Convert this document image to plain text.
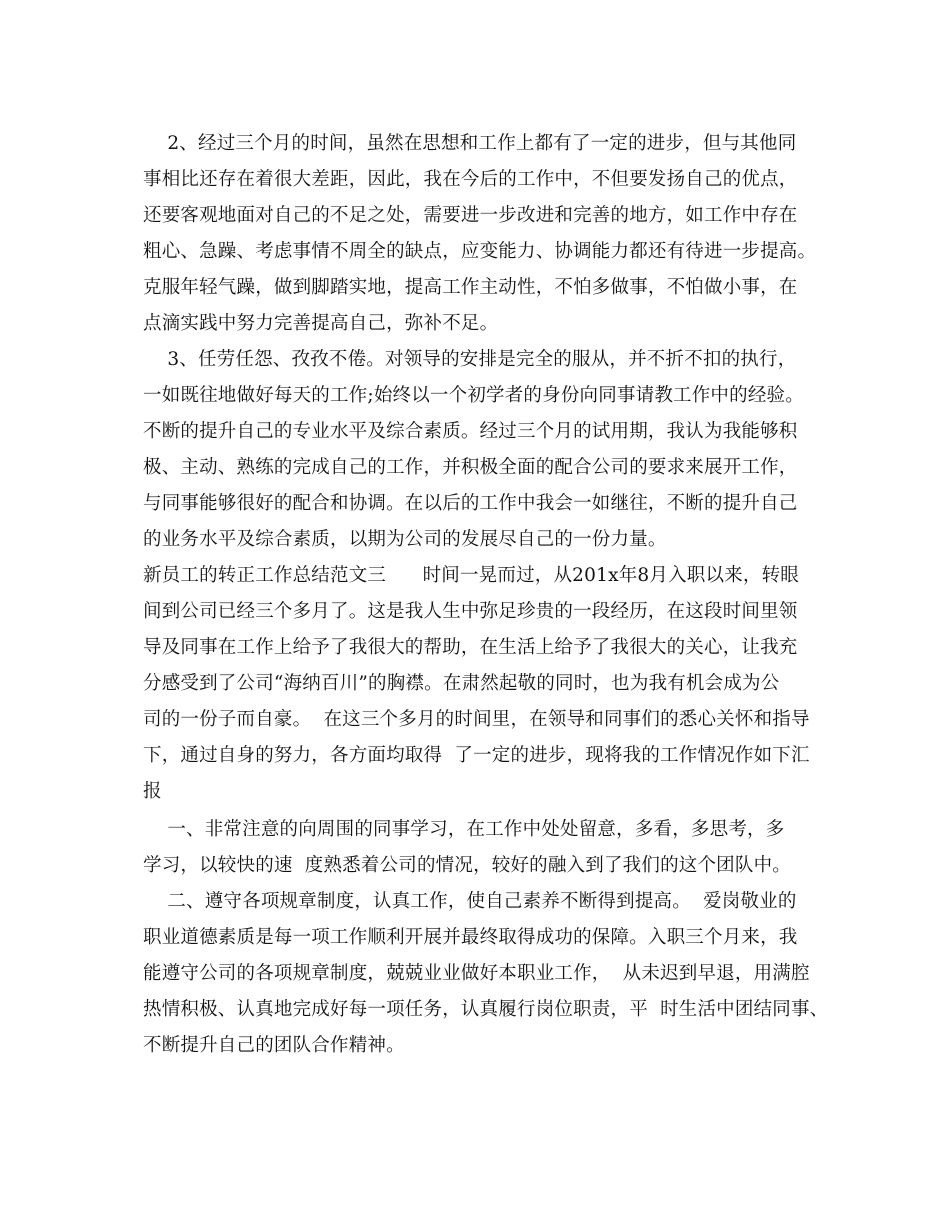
2、经过三个月的时间，虽然在思想和工作上都有了一定的进步，但与其他同
事相比还存在着很大差距，因此，我在今后的工作中，不但要发扬自己的优点，
还要客观地面对自己的不足之处，需要进一步改进和完善的地方，如工作中存在
粗心、急躁、考虑事情不周全的缺点，应变能力、协调能力都还有待进一步提高。
克服年轻气躁，做到脚踏实地，提高工作主动性，不怕多做事，不怕做小事，在
点滴实践中努力完善提高自己，弥补不足。
3、任劳任怨、孜孜不倦。对领导的安排是完全的服从，并不折不扣的执行，
一如既往地做好每天的工作;始终以一个初学者的身份向同事请教工作中的经验。
不断的提升自己的专业水平及综合素质。经过三个月的试用期，我认为我能够积
极、主动、熟练的完成自己的工作，并积极全面的配合公司的要求来展开工作，
与同事能够很好的配合和协调。在以后的工作中我会一如继往，不断的提升自己
的业务水平及综合素质，以期为公司的发展尽自己的一份力量。
新员工的转正工作总结范文三      时间一晃而过，从201x年8月入职以来，转眼
间到公司已经三个多月了。这是我人生中弥足珍贵的一段经历，在这段时间里领
导及同事在工作上给予了我很大的帮助，在生活上给予了我很大的关心，让我充
分感受到了公司“海纳百川”的胸襟。在肃然起敬的同时，也为我有机会成为公
司的一份子而自豪。  在这三个多月的时间里，在领导和同事们的悉心关怀和指导
下，通过自身的努力，各方面均取得  了一定的进步，现将我的工作情况作如下汇
报
一、非常注意的向周围的同事学习，在工作中处处留意，多看，多思考，多
学习，以较快的速  度熟悉着公司的情况，较好的融入到了我们的这个团队中。
二、遵守各项规章制度，认真工作，使自己素养不断得到提高。  爱岗敬业的
职业道德素质是每一项工作顺利开展并最终取得成功的保障。入职三个月来，我
能遵守公司的各项规章制度，兢兢业业做好本职业工作，  从未迟到早退，用满腔
热情积极、认真地完成好每一项任务，认真履行岗位职责，平  时生活中团结同事、
不断提升自己的团队合作精神。
